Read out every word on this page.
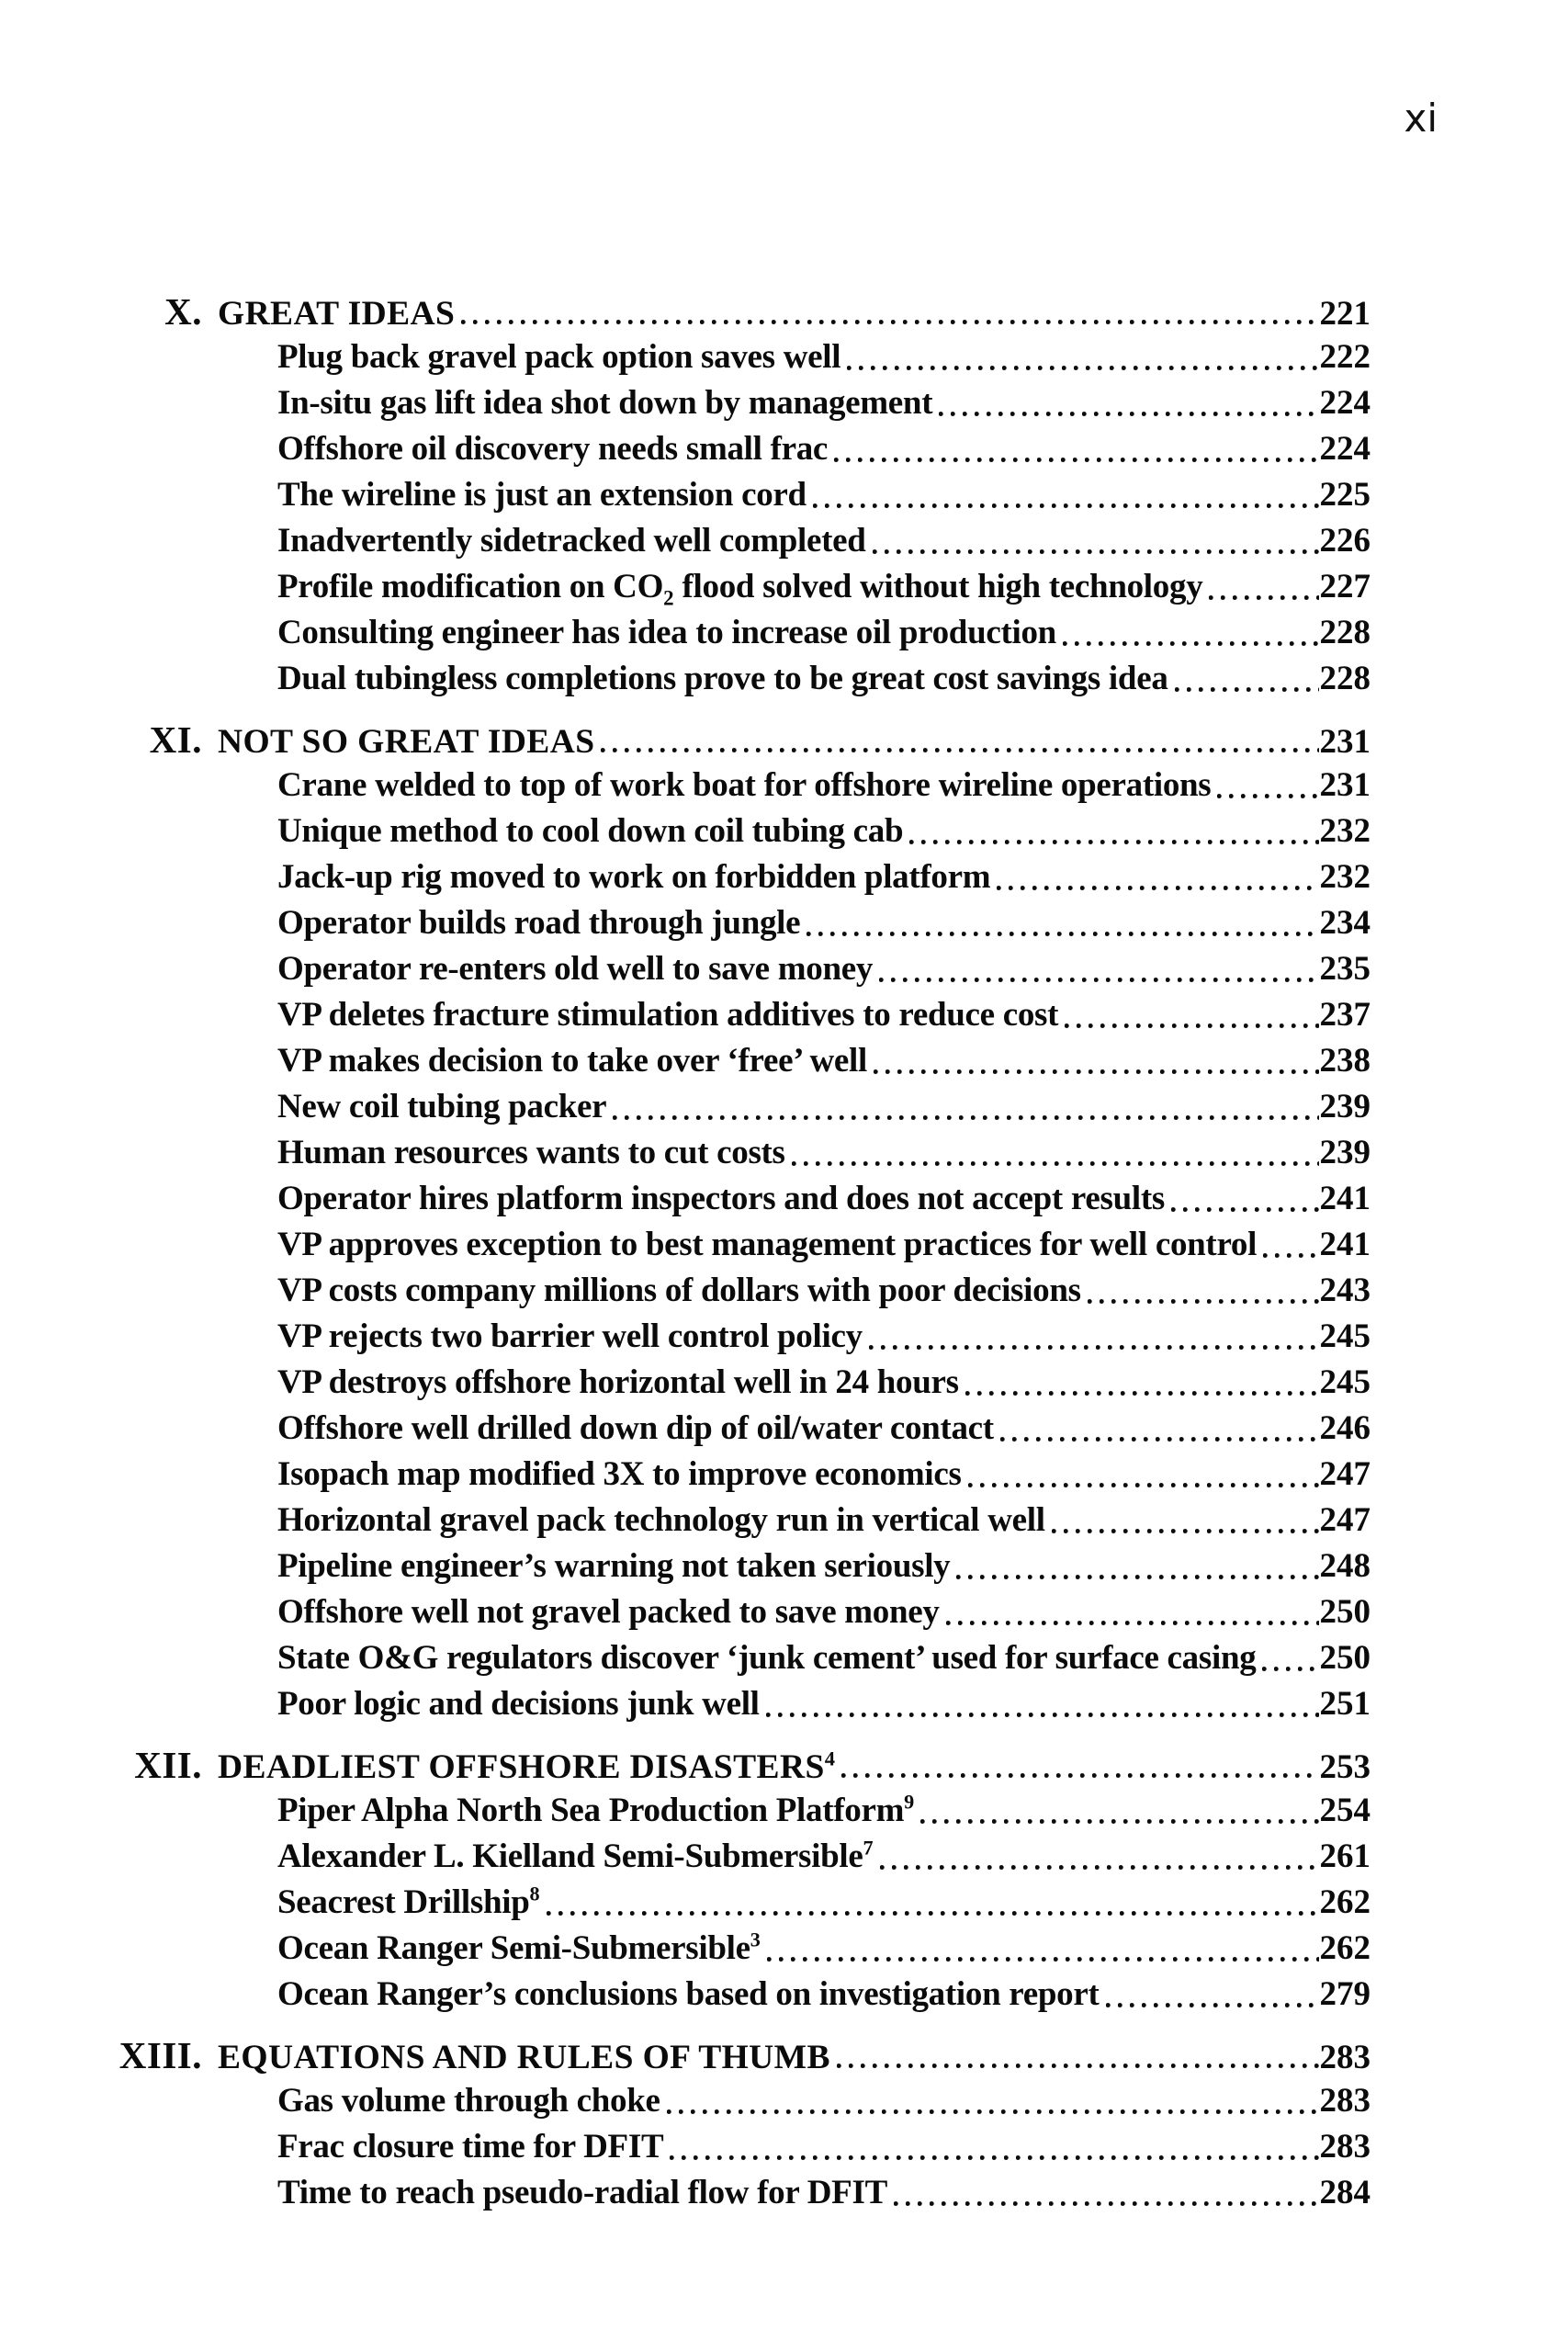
xi
X. GREAT IDEAS	221
Plug back gravel pack option saves well	222
In-situ gas lift idea shot down by management	224
Offshore oil discovery needs small frac	224
The wireline is just an extension cord	225
Inadvertently sidetracked well completed	226
Profile modification on $CO_2$ flood solved without high technology	227
Consulting engineer has idea to increase oil production	228
Dual tubingless completions prove to be great cost savings idea	228
XI. NOT SO GREAT IDEAS	231
Crane welded to top of work boat for offshore wireline operations	231
Unique method to cool down coil tubing cab	232
Jack-up rig moved to work on forbidden platform	232
Operator builds road through jungle	234
Operator re-enters old well to save money	235
VP deletes fracture stimulation additives to reduce cost	237
VP makes decision to take over ‘free’ well	238
New coil tubing packer	239
Human resources wants to cut costs	239
Operator hires platform inspectors and does not accept results	241
VP approves exception to best management practices for well control 241
VP costs company millions of dollars with poor decisions	243
VP rejects two barrier well control policy	245
VP destroys offshore horizontal well in 24 hours	245
Offshore well drilled down dip of oil/water contact	246
Isopach map modified 3X to improve economics	247
Horizontal gravel pack technology run in vertical well	247
Pipeline engineer’s warning not taken seriously	248
Offshore well not gravel packed to save money	250
State O&G regulators discover ‘junk cement’ used for surface casing 250
Poor logic and decisions junk well	251
XII. DEADLIEST OFFSHORE DISASTERS$^4$	253
Piper Alpha North Sea Production Platform$^9$	254
Alexander L. Kielland Semi-Submersible$^7$	261
Seacrest Drillship$^8$	262
Ocean Ranger Semi-Submersible$^3$	262
Ocean Ranger’s conclusions based on investigation report	279
XIII. EQUATIONS AND RULES OF THUMB	283
Gas volume through choke	283
Frac closure time for DFIT	283
Time to reach pseudo-radial flow for DFIT	284
